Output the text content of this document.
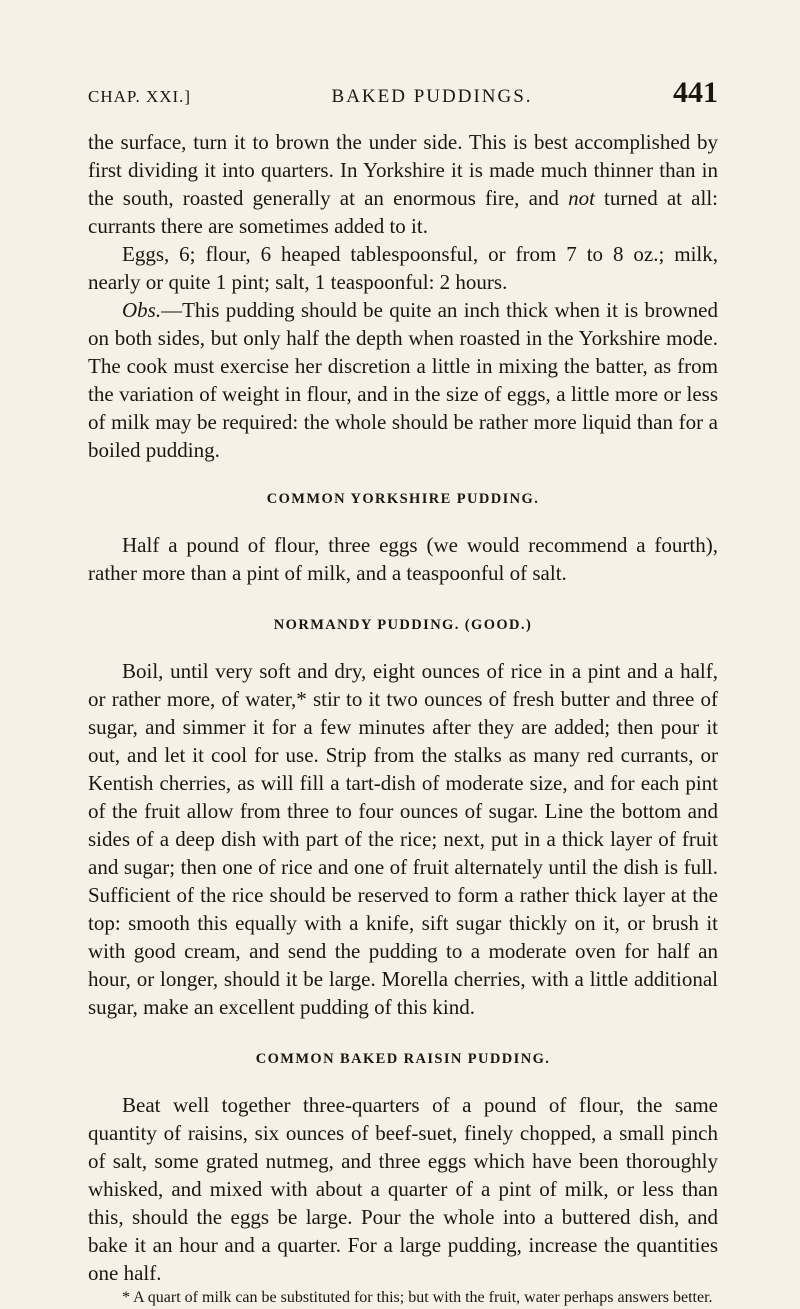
CHAP. XXI.]	BAKED PUDDINGS.	441

the surface, turn it to brown the under side. This is best accomplished by first dividing it into quarters. In Yorkshire it is made much thinner than in the south, roasted generally at an enormous fire, and not turned at all: currants there are sometimes added to it.

Eggs, 6; flour, 6 heaped tablespoonsful, or from 7 to 8 oz.; milk, nearly or quite 1 pint; salt, 1 teaspoonful: 2 hours.

Obs.—This pudding should be quite an inch thick when it is browned on both sides, but only half the depth when roasted in the Yorkshire mode. The cook must exercise her discretion a little in mixing the batter, as from the variation of weight in flour, and in the size of eggs, a little more or less of milk may be required: the whole should be rather more liquid than for a boiled pudding.

COMMON YORKSHIRE PUDDING.

Half a pound of flour, three eggs (we would recommend a fourth), rather more than a pint of milk, and a teaspoonful of salt.

NORMANDY PUDDING. (GOOD.)

Boil, until very soft and dry, eight ounces of rice in a pint and a half, or rather more, of water,* stir to it two ounces of fresh butter and three of sugar, and simmer it for a few minutes after they are added; then pour it out, and let it cool for use. Strip from the stalks as many red currants, or Kentish cherries, as will fill a tart-dish of moderate size, and for each pint of the fruit allow from three to four ounces of sugar. Line the bottom and sides of a deep dish with part of the rice; next, put in a thick layer of fruit and sugar; then one of rice and one of fruit alternately until the dish is full. Sufficient of the rice should be reserved to form a rather thick layer at the top: smooth this equally with a knife, sift sugar thickly on it, or brush it with good cream, and send the pudding to a moderate oven for half an hour, or longer, should it be large. Morella cherries, with a little additional sugar, make an excellent pudding of this kind.

COMMON BAKED RAISIN PUDDING.

Beat well together three-quarters of a pound of flour, the same quantity of raisins, six ounces of beef-suet, finely chopped, a small pinch of salt, some grated nutmeg, and three eggs which have been thoroughly whisked, and mixed with about a quarter of a pint of milk, or less than this, should the eggs be large. Pour the whole into a buttered dish, and bake it an hour and a quarter. For a large pudding, increase the quantities one half.

* A quart of milk can be substituted for this; but with the fruit, water perhaps answers better.
